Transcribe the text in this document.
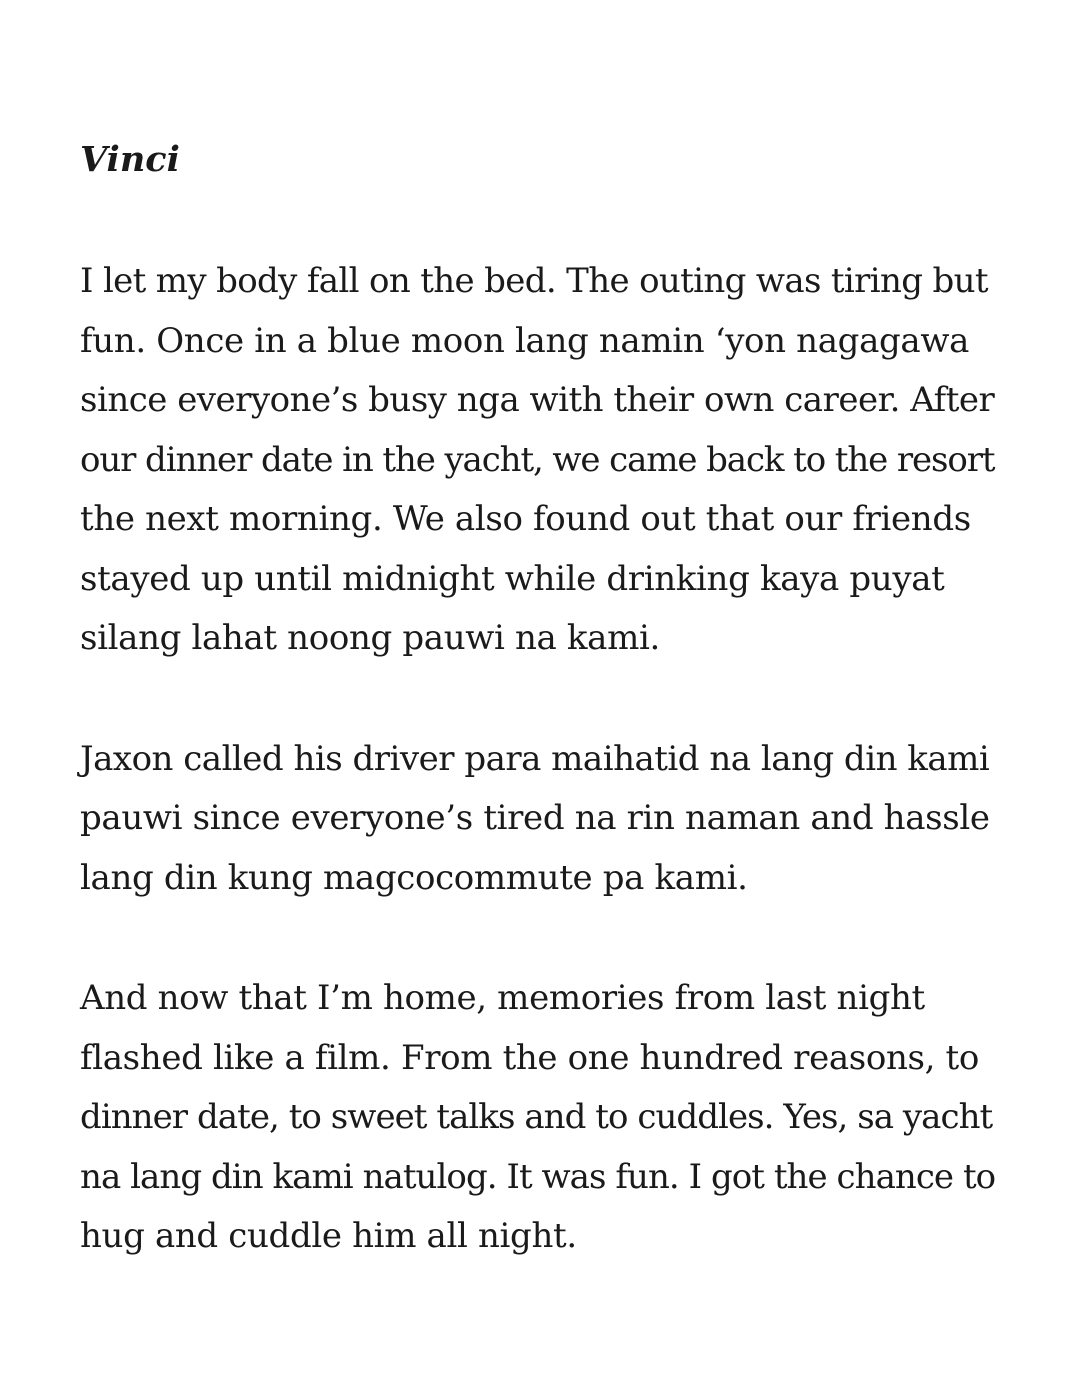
Vinci
I let my body fall on the bed. The outing was tiring but
fun. Once in a blue moon lang namin ‘yon nagagawa
since everyone’s busy nga with their own career. After
our dinner date in the yacht, we came back to the resort
the next morning. We also found out that our friends
stayed up until midnight while drinking kaya puyat
silang lahat noong pauwi na kami.
Jaxon called his driver para maihatid na lang din kami
pauwi since everyone’s tired na rin naman and hassle
lang din kung magcocommute pa kami.
And now that I’m home, memories from last night
flashed like a film. From the one hundred reasons, to
dinner date, to sweet talks and to cuddles. Yes, sa yacht
na lang din kami natulog. It was fun. I got the chance to
hug and cuddle him all night.
